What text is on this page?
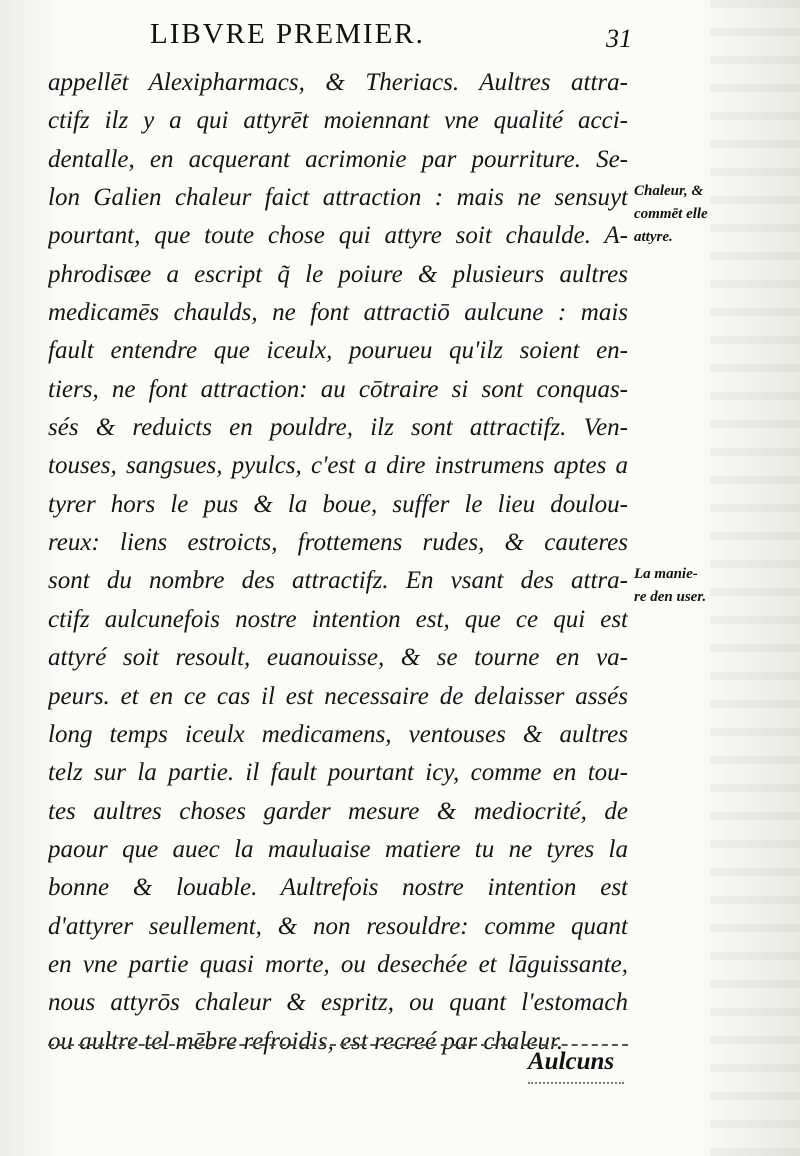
LIBVRE PREMIER.	31
appellēt Alexipharmacs, & Theriacs. Aultres attra-
ctifz ilz y a qui attyrēt moiennant vne qualité acci-
dentalle, en acquerant acrimonie par pourriture. Se-
lon Galien chaleur faict attraction : mais ne sensuyt
pourtant, que toute chose qui attyre soit chaulde. A-
phrodisæe a escript q̃ le poiure & plusieurs aultres
medicamēs chaulds, ne font attractiō aulcune : mais
fault entendre que iceulx, pourueu qu'ilz soient en-
tiers, ne font attraction: au cōtraire si sont conquas-
sés & reduicts en pouldre, ilz sont attractifz. Ven-
touses, sangsues, pyulcs, c'est a dire instrumens aptes a
tyrer hors le pus & la boue, suffer le lieu doulou-
reux: liens estroicts, frottemens rudes, & cauteres
sont du nombre des attractifz. En vsant des attra-
ctifz aulcunefois nostre intention est, que ce qui est
attyré soit resoult, euanouisse, & se tourne en va-
peurs. et en ce cas il est necessaire de delaisser assés
long temps iceulx medicamens, ventouses & aultres
telz sur la partie. il fault pourtant icy, comme en tou-
tes aultres choses garder mesure & mediocrité, de
paour que auec la mauluaise matiere tu ne tyres la
bonne & louable. Aultrefois nostre intention est
d'attyrer seullement, & non resouldre: comme quant
en vne partie quasi morte, ou desechée et lāguissante,
nous attyrōs chaleur & espritz, ou quant l'estomach
ou aultre tel mēbre refroidis, est recreé par chaleur.
Chaleur, &
commēt elle
attyre.
La manie-
re den user.
Aulcuns
